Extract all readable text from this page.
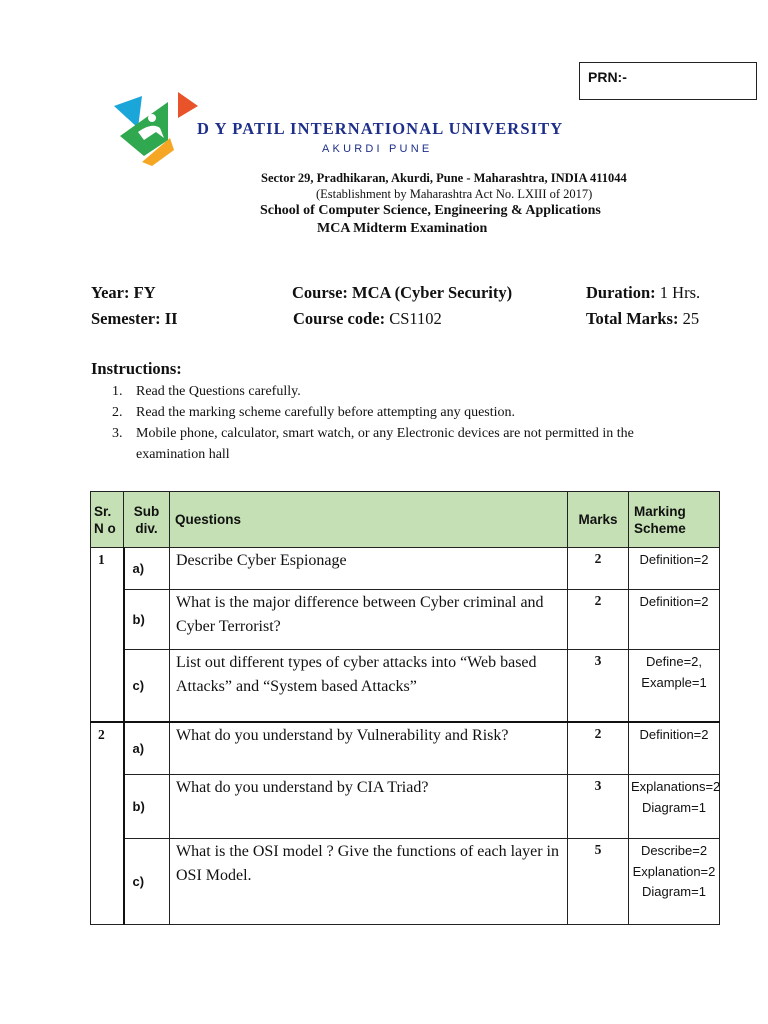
PRN:-
D Y PATIL INTERNATIONAL UNIVERSITY
AKURDI PUNE
Sector 29, Pradhikaran, Akurdi, Pune - Maharashtra, INDIA 411044
(Establishment by Maharashtra Act No. LXIII of 2017)
School of Computer Science, Engineering & Applications
MCA Midterm Examination
Year: FY	Course: MCA (Cyber Security)	Duration: 1 Hrs.
Semester: II	Course code: CS1102	Total Marks: 25
Instructions:
1. Read the Questions carefully.
2. Read the marking scheme carefully before attempting any question.
3. Mobile phone, calculator, smart watch, or any Electronic devices are not permitted in the examination hall
Sr. N o	Sub div.	Questions	Marks	Marking Scheme
1	a)	Describe Cyber Espionage	2	Definition=2
	b)	What is the major difference between Cyber criminal and Cyber Terrorist?	2	Definition=2
	c)	List out different types of cyber attacks into “Web based Attacks” and “System based Attacks”	3	Define=2, Example=1
2	a)	What do you understand by Vulnerability and Risk?	2	Definition=2
	b)	What do you understand by CIA Triad?	3	Explanations=2 Diagram=1
	c)	What is the OSI model ? Give the functions of each layer in OSI Model.	5	Describe=2 Explanation=2 Diagram=1
